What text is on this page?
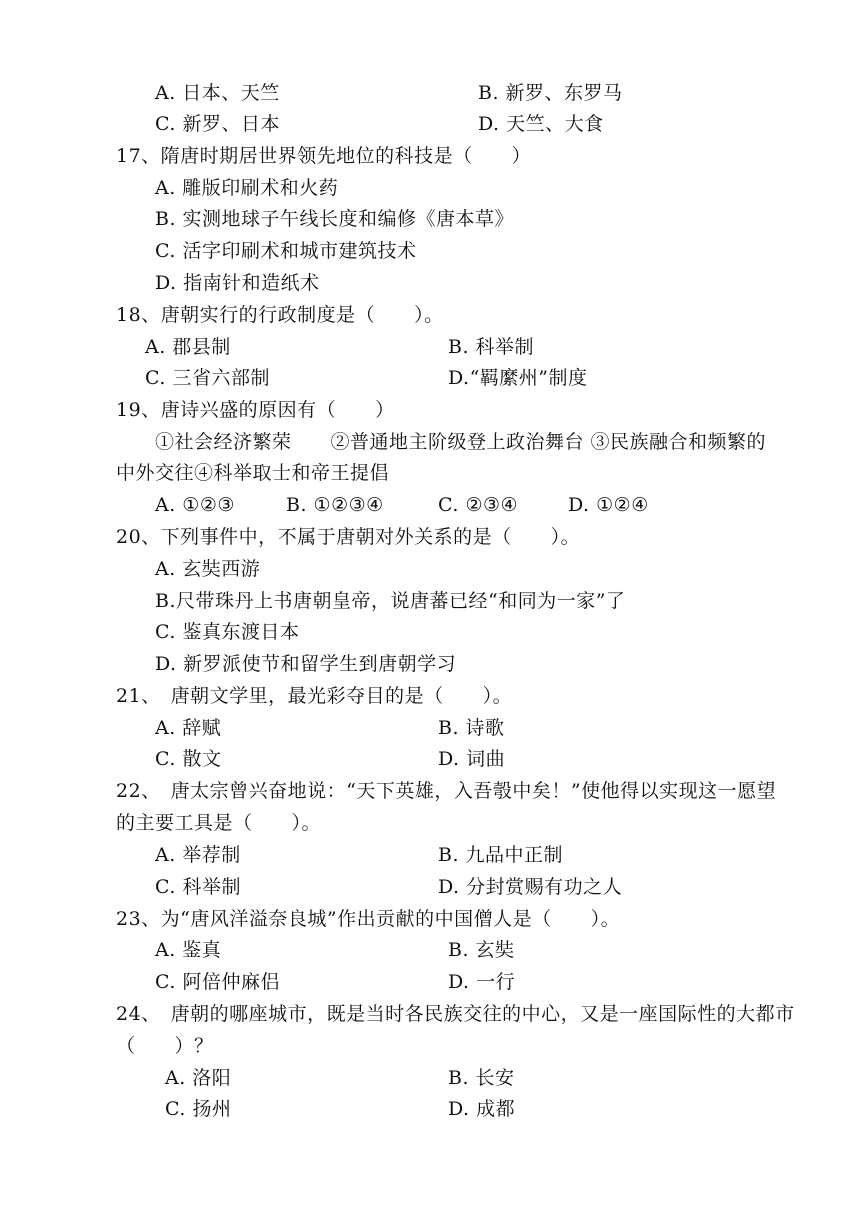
A. 日本、天竺	B. 新罗、东罗马
C. 新罗、日本	D. 天竺、大食
17、隋唐时期居世界领先地位的科技是（　　）
A. 雕版印刷术和火药
B. 实测地球子午线长度和编修《唐本草》
C. 活字印刷术和城市建筑技术
D. 指南针和造纸术
18、唐朝实行的行政制度是（　　）。
A. 郡县制	B. 科举制
C. 三省六部制	D.“羁縻州”制度
19、唐诗兴盛的原因有（　　）
①社会经济繁荣　　②普通地主阶级登上政治舞台 ③民族融合和频繁的
中外交往④科举取士和帝王提倡
A. ①②③	B. ①②③④	C. ②③④	D. ①②④
20、下列事件中，不属于唐朝对外关系的是（　　）。
A. 玄奘西游
B.尺带珠丹上书唐朝皇帝，说唐蕃已经“和同为一家”了
C. 鉴真东渡日本
D. 新罗派使节和留学生到唐朝学习
21、　唐朝文学里，最光彩夺目的是（　　）。
A. 辞赋	B. 诗歌
C. 散文	D. 词曲
22、　唐太宗曾兴奋地说：“天下英雄，入吾彀中矣！”使他得以实现这一愿望
的主要工具是（　　）。
A. 举荐制	B. 九品中正制
C. 科举制	D. 分封赏赐有功之人
23、为“唐风洋溢奈良城”作出贡献的中国僧人是（　　）。
A. 鉴真	B. 玄奘
C. 阿倍仲麻侣	D. 一行
24、　唐朝的哪座城市，既是当时各民族交往的中心，又是一座国际性的大都市
（　　）？
A. 洛阳	B. 长安
C. 扬州	D. 成都
